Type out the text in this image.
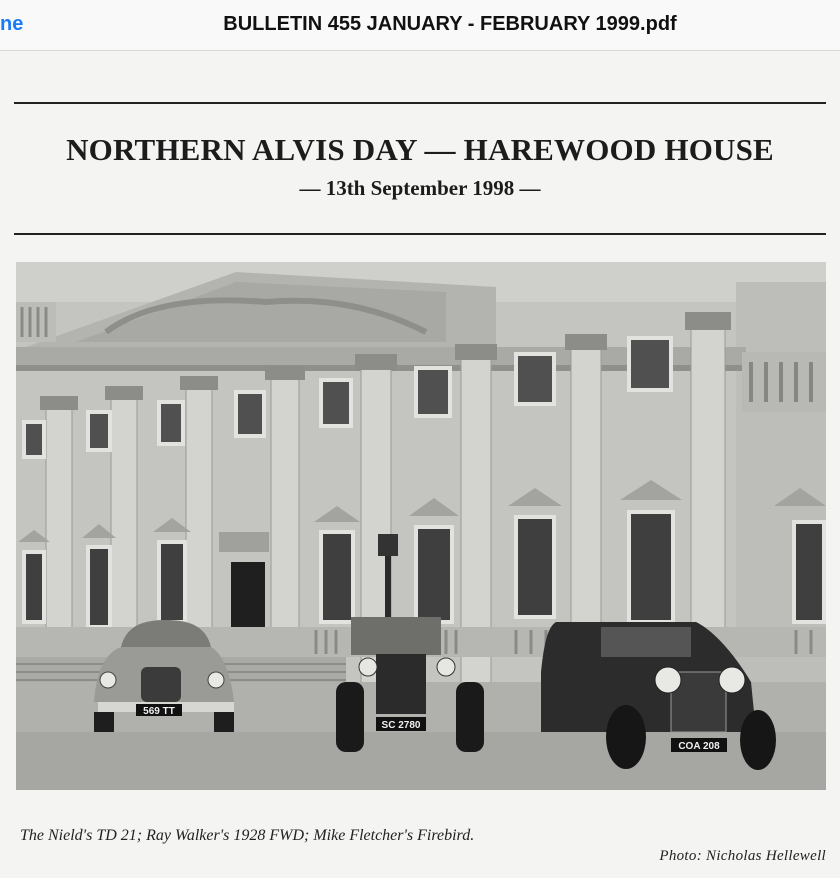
ne	BULLETIN 455 JANUARY - FEBRUARY 1999.pdf
NORTHERN ALVIS DAY — HAREWOOD HOUSE
— 13th September 1998 —
569 TT
SC 2780
COA 208
The Nield's TD 21; Ray Walker's 1928 FWD; Mike Fletcher's Firebird.
Photo: Nicholas Hellewell
